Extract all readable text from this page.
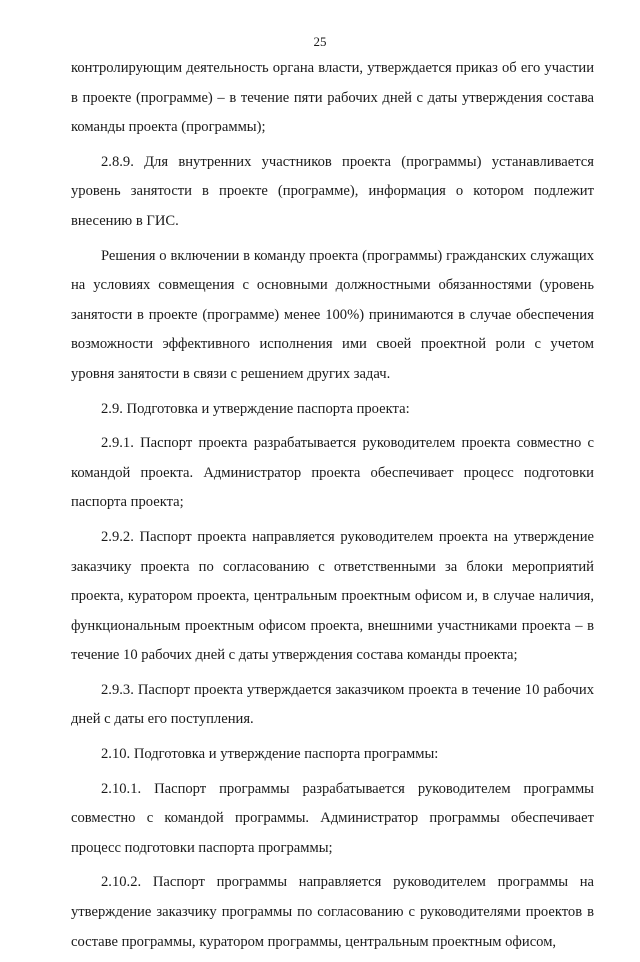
25

контролирующим деятельность органа власти, утверждается приказ об его участии в проекте (программе) – в течение пяти рабочих дней с даты утверждения состава команды проекта (программы);

2.8.9. Для внутренних участников проекта (программы) устанавливается уровень занятости в проекте (программе), информация о котором подлежит внесению в ГИС.

Решения о включении в команду проекта (программы) гражданских служащих на условиях совмещения с основными должностными обязанностями (уровень занятости в проекте (программе) менее 100%) принимаются в случае обеспечения возможности эффективного исполнения ими своей проектной роли с учетом уровня занятости в связи с решением других задач.

2.9. Подготовка и утверждение паспорта проекта:

2.9.1. Паспорт проекта разрабатывается руководителем проекта совместно с командой проекта. Администратор проекта обеспечивает процесс подготовки паспорта проекта;

2.9.2. Паспорт проекта направляется руководителем проекта на утверждение заказчику проекта по согласованию с ответственными за блоки мероприятий проекта, куратором проекта, центральным проектным офисом и, в случае наличия, функциональным проектным офисом проекта, внешними участниками проекта – в течение 10 рабочих дней с даты утверждения состава команды проекта;

2.9.3. Паспорт проекта утверждается заказчиком проекта в течение 10 рабочих дней с даты его поступления.

2.10. Подготовка и утверждение паспорта программы:

2.10.1. Паспорт программы разрабатывается руководителем программы совместно с командой программы. Администратор программы обеспечивает процесс подготовки паспорта программы;

2.10.2. Паспорт программы направляется руководителем программы на утверждение заказчику программы по согласованию с руководителями проектов в составе программы, куратором программы, центральным проектным офисом,
